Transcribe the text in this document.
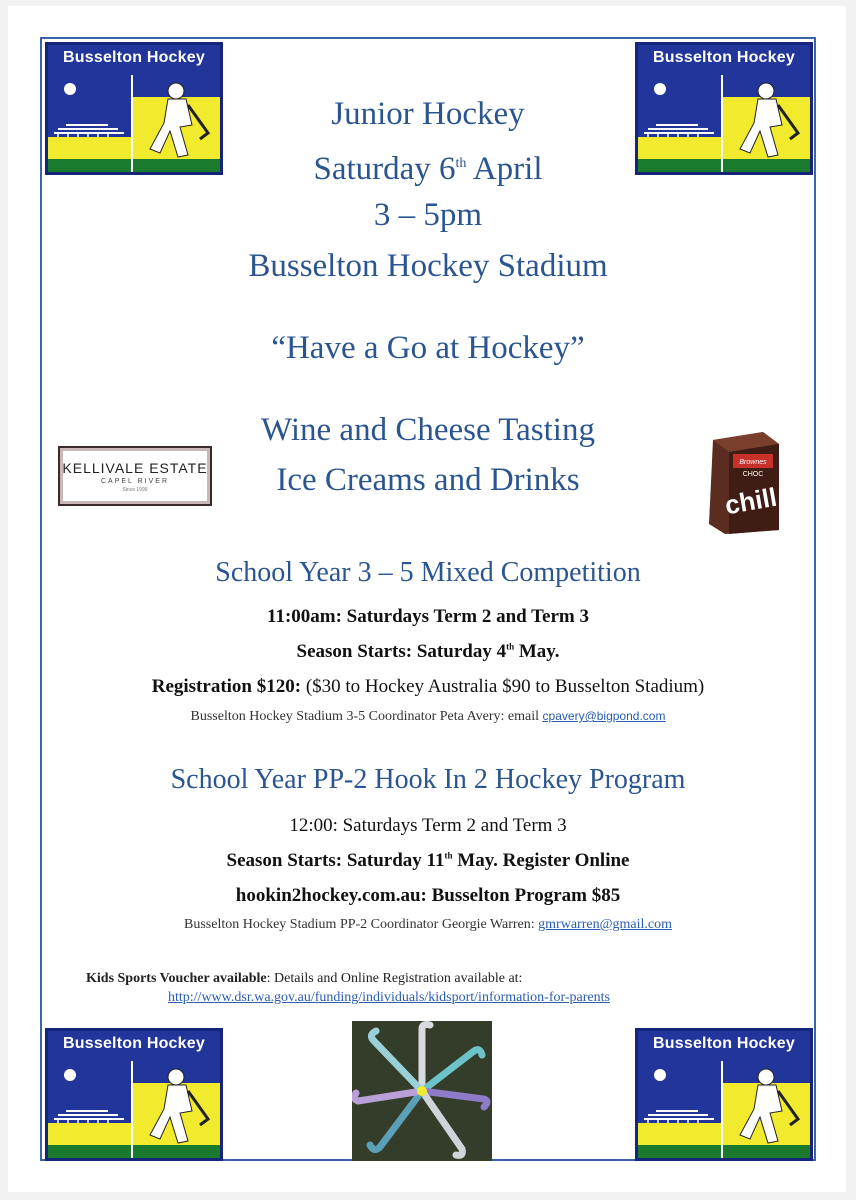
Busselton Hockey	Busselton Hockey
Busselton Hockey	Busselton Hockey
Junior Hockey
Saturday 6th April
3 – 5pm
Busselton Hockey Stadium
“Have a Go at Hockey”
Wine and Cheese Tasting
Ice Creams and Drinks
KELLIVALE ESTATE
CAPEL RIVER
Since 1999
Brownes
CHOC
chill
School Year 3 – 5 Mixed Competition
11:00am: Saturdays Term 2 and Term 3
Season Starts: Saturday 4th May.
Registration $120: ($30 to Hockey Australia $90 to Busselton Stadium)
Busselton Hockey Stadium 3-5 Coordinator Peta Avery: email cpavery@bigpond.com
School Year PP-2 Hook In 2 Hockey Program
12:00: Saturdays Term 2 and Term 3
Season Starts: Saturday 11th May. Register Online
hookin2hockey.com.au: Busselton Program $85
Busselton Hockey Stadium PP-2 Coordinator Georgie Warren: gmrwarren@gmail.com
Kids Sports Voucher available: Details and Online Registration available at:
http://www.dsr.wa.gov.au/funding/individuals/kidsport/information-for-parents
